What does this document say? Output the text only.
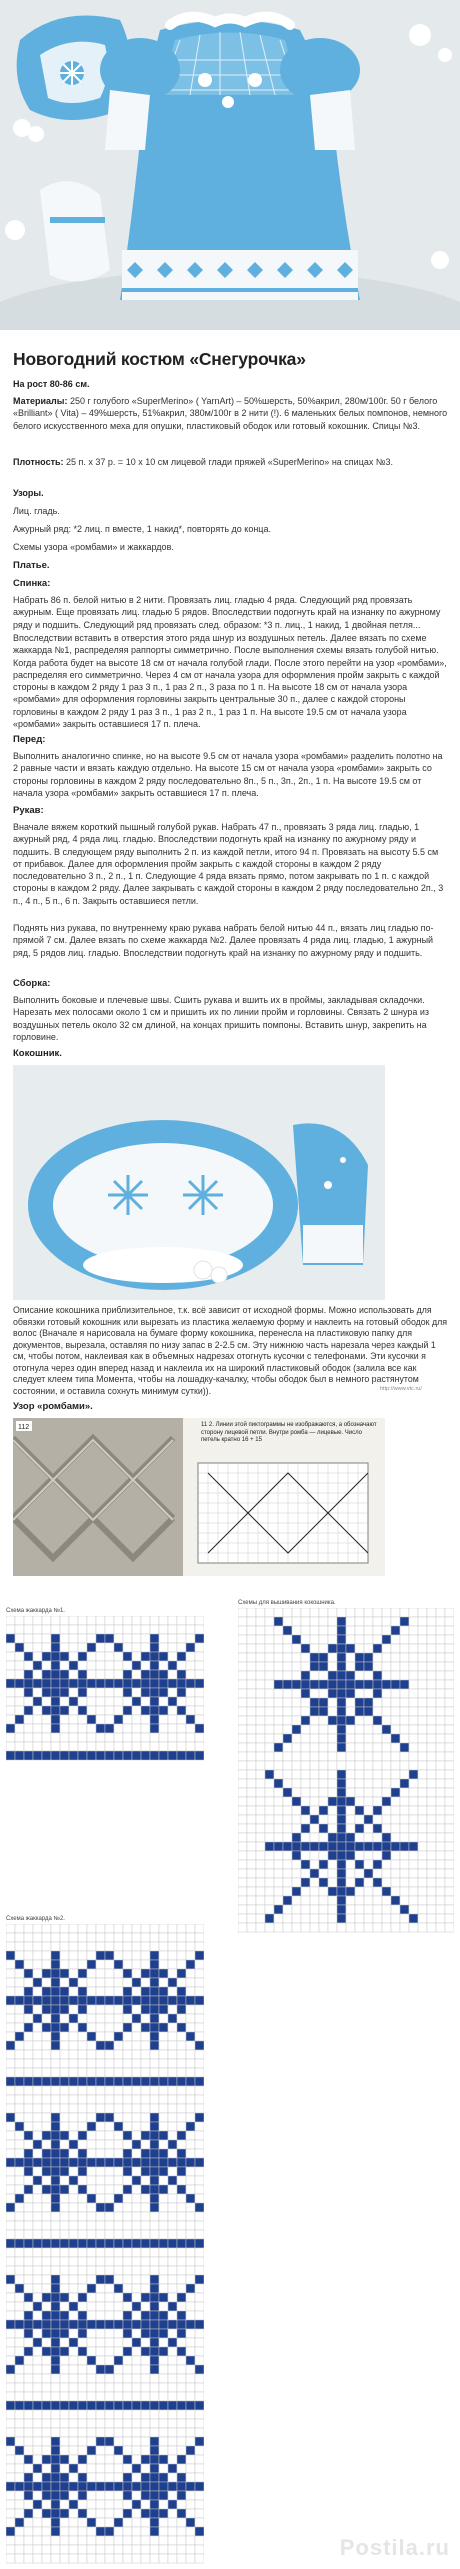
Новогодний костюм «Снегурочка»
На рост 80-86 см.
Материалы: 250 г голубого «SuperMerino» ( YarnArt) – 50%шерсть, 50%акрил, 280м/100г. 50 г белого «Brilliant» ( Vita) – 49%шерсть, 51%акрил, 380м/100г в 2 нити (!). 6 маленьких белых помпонов, немного белого искусственного меха для опушки, пластиковый ободок или готовый кокошник. Спицы №3.
Плотность: 25 п. х 37 р. = 10 х 10 см лицевой глади пряжей «SuperMerino» на спицах №3.
Узоры.
Лиц. гладь.
Ажурный ряд: *2 лиц. п вместе, 1 накид*, повторять до конца.
Схемы узора «ромбами» и жаккардов.
Платье.
Спинка:
Набрать 86 п. белой нитью в 2 нити. Провязать лиц. гладью 4 ряда. Следующий ряд провязать ажурным. Еще провязать лиц. гладью 5 рядов. Впоследствии подогнуть край на изнанку по ажурному ряду и подшить. Следующий ряд провязать след. образом: *3 п. лиц., 1 накид, 1 двойная петля...
Впоследствии вставить в отверстия этого ряда шнур из воздушных петель. Далее вязать по схеме жаккарда №1, распределяя раппорты симметрично. После выполнения схемы вязать голубой нитью. Когда работа будет на высоте 18 см от начала голубой глади. После этого перейти на узор «ромбами», распределяя его симметрично. Через 4 см от начала узора для оформления пройм закрыть с каждой стороны в каждом 2 ряду 1 раз 3 п., 1 раз 2 п., 3 раза по 1 п. На высоте 18 см от начала узора «ромбами» для оформления горловины закрыть центральные 30 п., далее с каждой стороны горловины в каждом 2 ряду 1 раз 3 п., 1 раз 2 п., 1 раз 1 п. На высоте 19.5 см от начала узора «ромбами» закрыть оставшиеся 17 п. плеча.
Перед:
Выполнить аналогично спинке, но на высоте 9.5 см от начала узора «ромбами» разделить полотно на 2 равные части и вязать каждую отдельно. На высоте 15 см от начала узора «ромбами» закрыть со стороны горловины в каждом 2 ряду последовательно 8п., 5 п., 3п., 2п., 1 п. На высоте 19.5 см от начала узора «ромбами» закрыть оставшиеся 17 п. плеча.
Рукав:
Вначале вяжем короткий пышный голубой рукав. Набрать 47 п., провязать 3 ряда лиц. гладью, 1 ажурный ряд, 4 ряда лиц. гладью. Впоследствии подогнуть край на изнанку по ажурному ряду и подшить. В следующем ряду выполнить 2 п. из каждой петли, итого 94 п. Провязать на высоту 5.5 см от прибавок. Далее для оформления пройм закрыть с каждой стороны в каждом 2 ряду последовательно 3 п., 2 п., 1 п. Следующие 4 ряда вязать прямо, потом закрывать по 1 п. с каждой стороны в каждом 2 ряду. Далее закрывать с каждой стороны в каждом 2 ряду последовательно 2п., 3 п., 4 п., 5 п., 6 п. Закрыть оставшиеся петли.
Поднять низ рукава, по внутреннему краю рукава набрать белой нитью 44 п., вязать лиц гладью по-прямой 7 см. Далее вязать по схеме жаккарда №2. Далее провязать 4 ряда лиц. гладью, 1 ажурный ряд, 5 рядов лиц. гладью. Впоследствии подогнуть край на изнанку по ажурному ряду и подшить.
Сборка:
Выполнить боковые и плечевые швы. Сшить рукава и вшить их в проймы, закладывая складочки. Нарезать мех полосами около 1 см и пришить их по линии пройм и горловины. Связать 2 шнура из воздушных петель около 32 см длиной, на концах пришить помпоны. Вставить шнур, закрепить на горловине.
Кокошник.
Описание кокошника приблизительное, т.к. всё зависит от исходной формы. Можно использовать для обвязки готовый кокошник или вырезать из пластика желаемую форму и наклеить на готовый ободок для волос (Вначале я нарисовала на бумаге форму кокошника, перенесла на пластиковую папку для документов, вырезала, оставляя по низу запас в 2-2.5 см. Эту нижнюю часть нарезала через каждый 1 см, чтобы потом, наклеивая как в объемных надрезах отогнуть кусочки с телефонами. Эти кусочки я отогнула через один вперед назад и наклеила их на широкий пластиковый ободок (залила все как следует клеем типа Момента, чтобы на лошадку-качалку, чтобы ободок был в немного растянутом состоянии, и оставила сохнуть минимум сутки)).	http://www.vtc.ru/
Узор «ромбами».
112	11 2. Линии этой пиктограммы не изображаются, а обозначают сторону лицевой петли. Внутри ромба — лицевые. Число петель кратно 16 + 15
Схема жаккарда №1.
Схемы для вышивания кокошника.
Схема жаккарда №2.
Postila.ru
